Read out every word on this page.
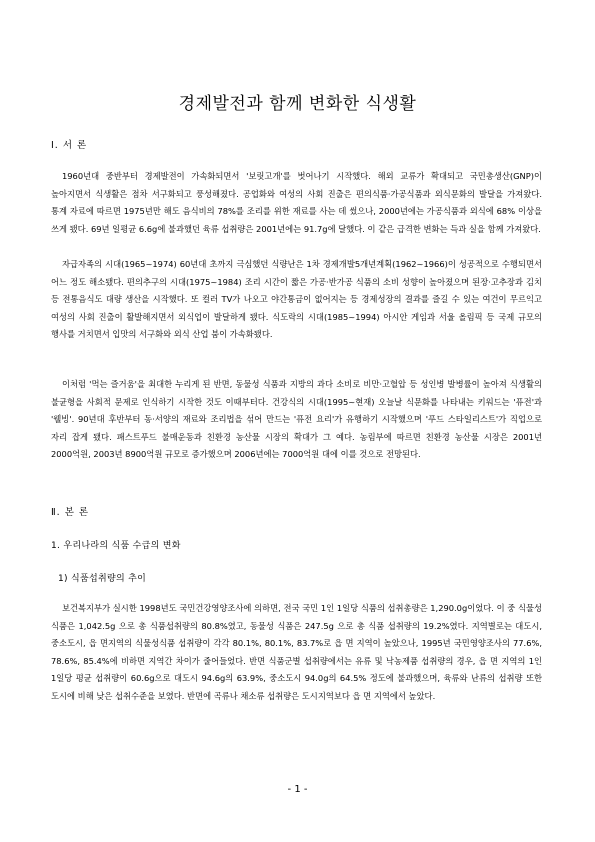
경제발전과 함께 변화한 식생활
Ⅰ. 서 론
1960년대 중반부터 경제발전이 가속화되면서 '보릿고개'를 벗어나기 시작했다. 해외 교류가 확대되고 국민총생산(GNP)이 높아지면서 식생활은 점차 서구화되고 풍성해졌다. 공업화와 여성의 사회 진출은 편의식품·가공식품과 외식문화의 발달을 가져왔다. 통계 자료에 따르면 1975년만 해도 음식비의 78%를 조리를 위한 재료를 사는 데 썼으나, 2000년에는 가공식품과 외식에 68% 이상을 쓰게 됐다. 69년 일평균 6.6g에 불과했던 육류 섭취량은 2001년에는 91.7g에 달했다. 이 같은 급격한 변화는 득과 실을 함께 가져왔다.
자급자족의 시대(1965~1974) 60년대 초까지 극심했던 식량난은 1차 경제개발5개년계획(1962~1966)이 성공적으로 수행되면서 어느 정도 해소됐다. 편의추구의 시대(1975~1984) 조리 시간이 짧은 가공·반가공 식품의 소비 성향이 높아졌으며 된장·고추장과 김치 등 전통음식도 대량 생산을 시작했다. 또 컬러 TV가 나오고 야간통금이 없어지는 등 경제성장의 결과를 즐길 수 있는 여건이 무르익고 여성의 사회 진출이 활발해지면서 외식업이 발달하게 됐다. 식도락의 시대(1985~1994) 아시안 게임과 서울 올림픽 등 국제 규모의 행사를 거치면서 입맛의 서구화와 외식 산업 붐이 가속화됐다.
이처럼 '먹는 즐거움'을 최대한 누리게 된 반면, 동물성 식품과 지방의 과다 소비로 비만·고혈압 등 성인병 발병률이 높아져 식생활의 불균형을 사회적 문제로 인식하기 시작한 것도 이때부터다. 건강식의 시대(1995~현재) 오늘날 식문화를 나타내는 키워드는 '퓨전'과 '웰빙'. 90년대 후반부터 동·서양의 재료와 조리법을 섞어 만드는 '퓨전 요리'가 유행하기 시작했으며 '푸드 스타일리스트'가 직업으로 자리 잡게 됐다. 패스트푸드 불매운동과 친환경 농산물 시장의 확대가 그 예다. 농림부에 따르면 친환경 농산물 시장은 2001년 2000억원, 2003년 8900억원 규모로 증가했으며 2006년에는 7000억원 대에 이를 것으로 전망된다.
Ⅱ. 본 론
1. 우리나라의 식품 수급의 변화
1) 식품섭취량의 추이
보건복지부가 실시한 1998년도 국민건강영양조사에 의하면, 전국 국민 1인 1일당 식품의 섭취총량은 1,290.0g이었다. 이 중 식물성 식품은 1,042.5g 으로 총 식품섭취량의 80.8%였고, 동물성 식품은 247.5g 으로 총 식품 섭취량의 19.2%였다. 지역별로는 대도시, 중소도시, 읍 면지역의 식물성식품 섭취량이 각각 80.1%, 80.1%, 83.7%로 읍 면 지역이 높았으나, 1995년 국민영양조사의 77.6%, 78.6%, 85.4%에 비하면 지역간 차이가 줄어들었다. 반면 식품군별 섭취량에서는 유류 및 낙농제품 섭취량의 경우, 읍 면 지역의 1인 1일당 평균 섭취량이 60.6g으로 대도시 94.6g의 63.9%, 중소도시 94.0g의 64.5% 정도에 불과했으며, 육류와 난류의 섭취량 또한 도시에 비해 낮은 섭취수준을 보였다. 반면에 곡류나 채소류 섭취량은 도시지역보다 읍 면 지역에서 높았다.
- 1 -
